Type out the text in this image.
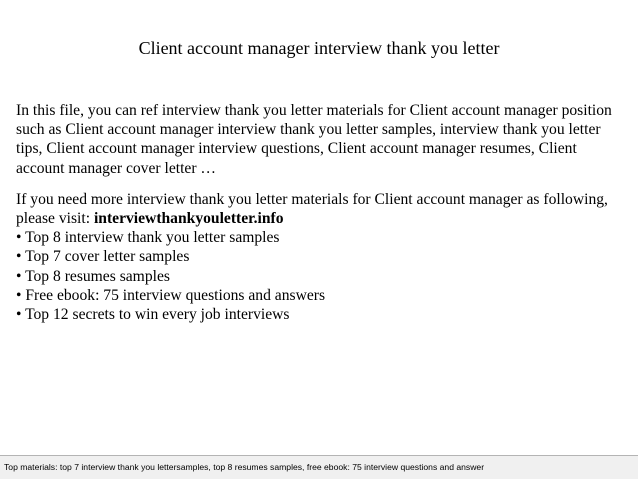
Client account manager interview thank you letter

In this file, you can ref interview thank you letter materials for Client account manager position such as Client account manager interview thank you letter samples, interview thank you letter tips, Client account manager interview questions, Client account manager resumes, Client account manager cover letter …

If you need more interview thank you letter materials for Client account manager as following, please visit: interviewthankyouletter.info

• Top 8 interview thank you letter samples
• Top 7 cover letter samples
• Top 8 resumes samples
• Free ebook: 75 interview questions and answers
• Top 12 secrets to win every job interviews
Top materials: top 7 interview thank you lettersamples, top 8 resumes samples, free ebook: 75 interview questions and answer
